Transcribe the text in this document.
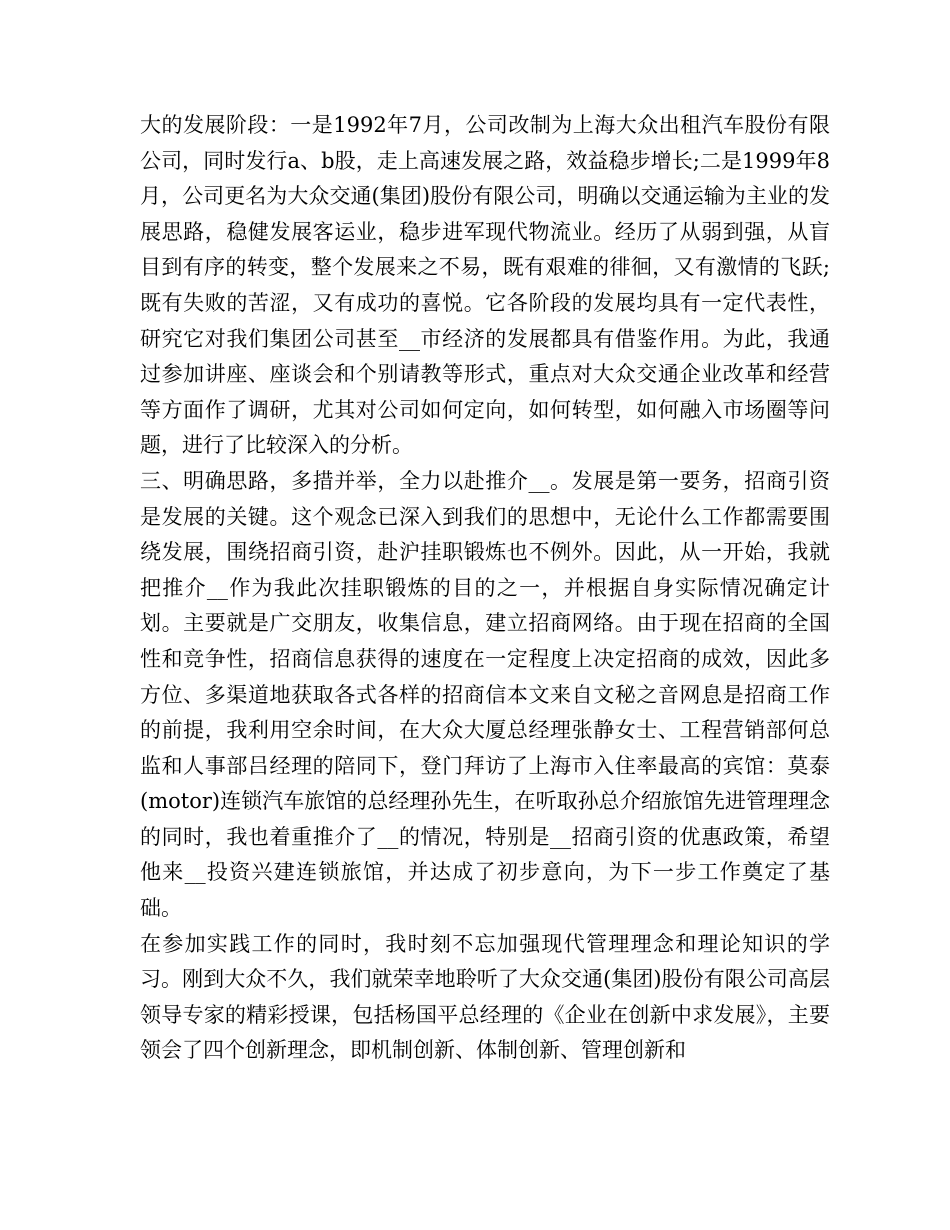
大的发展阶段：一是1992年7月，公司改制为上海大众出租汽车股份有限公司，同时发行a、b股，走上高速发展之路，效益稳步增长;二是1999年8月，公司更名为大众交通(集团)股份有限公司，明确以交通运输为主业的发展思路，稳健发展客运业，稳步进军现代物流业。经历了从弱到强，从盲目到有序的转变，整个发展来之不易，既有艰难的徘徊，又有激情的飞跃;既有失败的苦涩，又有成功的喜悦。它各阶段的发展均具有一定代表性，研究它对我们集团公司甚至__市经济的发展都具有借鉴作用。为此，我通过参加讲座、座谈会和个别请教等形式，重点对大众交通企业改革和经营等方面作了调研，尤其对公司如何定向，如何转型，如何融入市场圈等问题，进行了比较深入的分析。

三、明确思路，多措并举，全力以赴推介__。发展是第一要务，招商引资是发展的关键。这个观念已深入到我们的思想中，无论什么工作都需要围绕发展，围绕招商引资，赴沪挂职锻炼也不例外。因此，从一开始，我就把推介__作为我此次挂职锻炼的目的之一，并根据自身实际情况确定计划。主要就是广交朋友，收集信息，建立招商网络。由于现在招商的全国性和竞争性，招商信息获得的速度在一定程度上决定招商的成效，因此多方位、多渠道地获取各式各样的招商信本文来自文秘之音网息是招商工作的前提，我利用空余时间，在大众大厦总经理张静女士、工程营销部何总监和人事部吕经理的陪同下，登门拜访了上海市入住率最高的宾馆：莫泰(motor)连锁汽车旅馆的总经理孙先生，在听取孙总介绍旅馆先进管理理念的同时，我也着重推介了__的情况，特别是__招商引资的优惠政策，希望他来__投资兴建连锁旅馆，并达成了初步意向，为下一步工作奠定了基础。

在参加实践工作的同时，我时刻不忘加强现代管理理念和理论知识的学习。刚到大众不久，我们就荣幸地聆听了大众交通(集团)股份有限公司高层领导专家的精彩授课，包括杨国平总经理的《企业在创新中求发展》，主要领会了四个创新理念，即机制创新、体制创新、管理创新和
